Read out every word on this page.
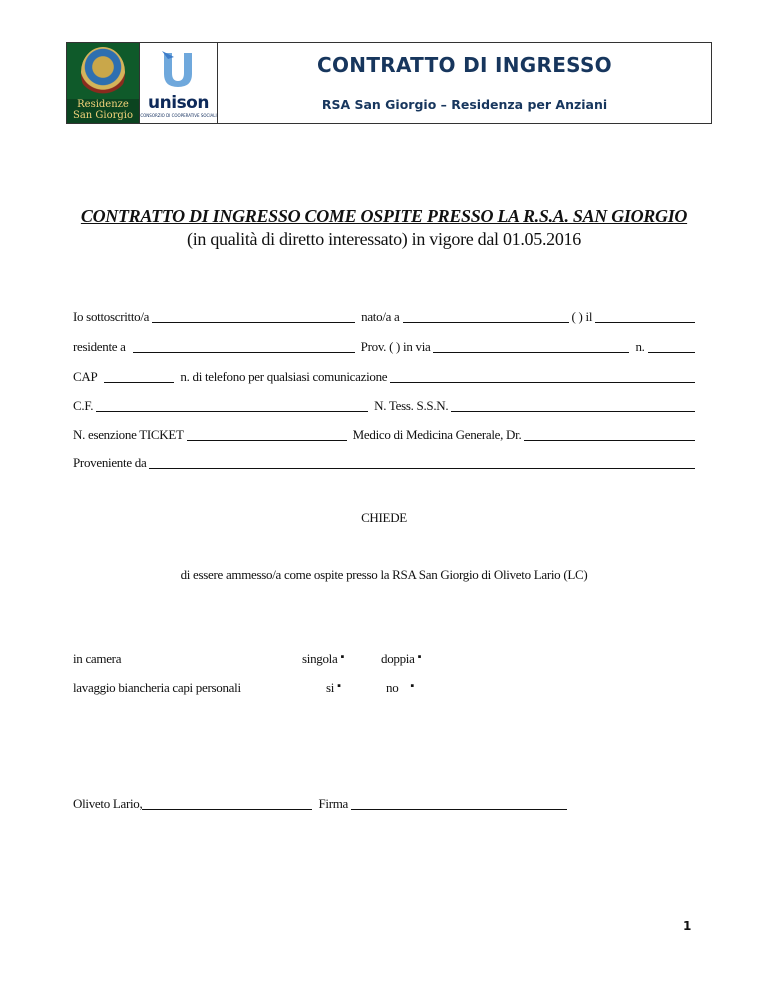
Residenze San Giorgio
unison
CONSORZIO DI COOPERATIVE SOCIALI
CONTRATTO DI INGRESSO
RSA San Giorgio – Residenza per Anziani
CONTRATTO DI INGRESSO COME OSPITE PRESSO LA R.S.A. SAN GIORGIO
(in qualità di diretto interessato) in vigore dal 01.05.2016
Io sottoscritto/a	nato/a a	( ) il
residente a	Prov. ( ) in via	n.
CAP	n. di telefono per qualsiasi comunicazione
C.F.	N. Tess. S.S.N.
N. esenzione TICKET	Medico di Medicina Generale, Dr.
Proveniente da
CHIEDE
di essere ammesso/a come ospite presso la RSA San Giorgio di Oliveto Lario (LC)
in camera	singola ▪	doppia ▪
lavaggio biancheria capi personali	si ▪	no ▪
Oliveto Lario,	Firma
1
